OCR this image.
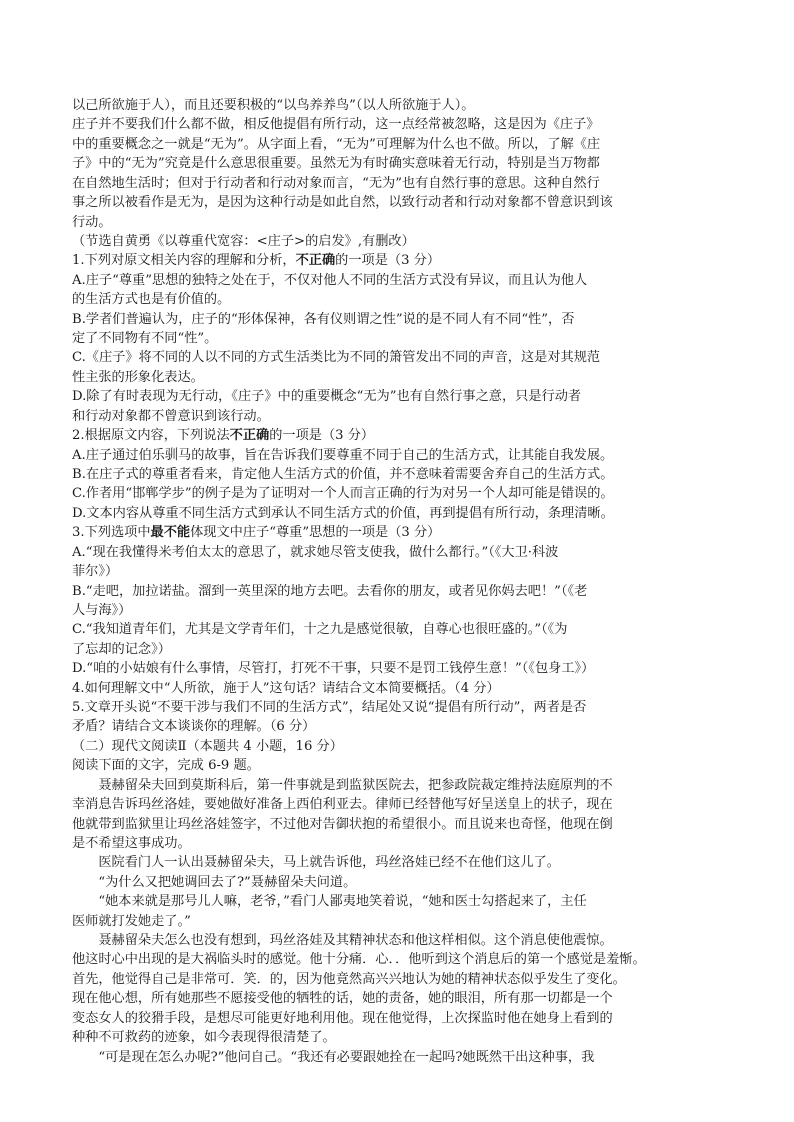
以己所欲施于人），而且还要积极的“以鸟养养鸟”（以人所欲施于人）。
庄子并不要我们什么都不做，相反他提倡有所行动，这一点经常被忽略，这是因为《庄子》
中的重要概念之一就是“无为”。从字面上看，“无为”可理解为什么也不做。所以，了解《庄
子》中的“无为”究竟是什么意思很重要。虽然无为有时确实意味着无行动，特别是当万物都
在自然地生活时；但对于行动者和行动对象而言，“无为”也有自然行事的意思。这种自然行
事之所以被看作是无为，是因为这种行动是如此自然，以致行动者和行动对象都不曾意识到该
行动。
（节选自黄勇《以尊重代宽容：<庄子>的启发》,有删改）
1.下列对原文相关内容的理解和分析，不正确的一项是（3 分）
A.庄子“尊重”思想的独特之处在于，不仅对他人不同的生活方式没有异议，而且认为他人
的生活方式也是有价值的。
B.学者们普遍认为，庄子的“形体保神，各有仪则谓之性”说的是不同人有不同“性”，否
定了不同物有不同“性”。
C.《庄子》将不同的人以不同的方式生活类比为不同的箫管发出不同的声音，这是对其规范
性主张的形象化表达。
D.除了有时表现为无行动，《庄子》中的重要概念“无为”也有自然行事之意，只是行动者
和行动对象都不曾意识到该行动。
2.根据原文内容，下列说法不正确的一项是（3 分）
A.庄子通过伯乐驯马的故事，旨在告诉我们要尊重不同于自己的生活方式，让其能自我发展。
B.在庄子式的尊重者看来，肯定他人生活方式的价值，并不意味着需要舍弃自己的生活方式。
C.作者用“邯郸学步”的例子是为了证明对一个人而言正确的行为对另一个人却可能是错误的。
D.文本内容从尊重不同生活方式到承认不同生活方式的价值，再到提倡有所行动，条理清晰。
3.下列选项中最不能体现文中庄子“尊重”思想的一项是（3 分）
A.“现在我懂得米考伯太太的意思了，就求她尽管支使我，做什么都行。”（《大卫·科波
菲尔》）
B.“走吧，加拉诺盐。溜到一英里深的地方去吧。去看你的朋友，或者见你妈去吧！”（《老
人与海》）
C.“我知道青年们，尤其是文学青年们，十之九是感觉很敏，自尊心也很旺盛的。”（《为
了忘却的记念》）
D.“咱的小姑娘有什么事情，尽管打，打死不干事，只要不是罚工钱停生意！”（《包身工》）
4.如何理解文中“人所欲，施于人”这句话？请结合文本简要概括。（4 分）
5.文章开头说“不要干涉与我们不同的生活方式”，结尾处又说“提倡有所行动”，两者是否
矛盾？请结合文本谈谈你的理解。（6 分）
（二）现代文阅读Ⅱ（本题共 4 小题，16 分）
阅读下面的文字，完成 6-9 题。
　　聂赫留朵夫回到莫斯科后，第一件事就是到监狱医院去，把参政院裁定维持法庭原判的不
幸消息告诉玛丝洛娃，要她做好准备上西伯利亚去。律师已经替他写好呈送皇上的状子，现在
他就带到监狱里让玛丝洛娃签字，不过他对告御状抱的希望很小。而且说来也奇怪，他现在倒
是不希望这事成功。
　　医院看门人一认出聂赫留朵夫，马上就告诉他，玛丝洛娃已经不在他们这儿了。
　　“为什么又把她调回去了?”聂赫留朵夫问道。
　　“她本来就是那号儿人嘛，老爷，”看门人鄙夷地笑着说，“她和医士勾搭起来了，主任
医师就打发她走了。”
　　聂赫留朵夫怎么也没有想到，玛丝洛娃及其精神状态和他这样相似。这个消息使他震惊。
他这时心中出现的是大祸临头时的感觉。他十分痛．心．．他听到这个消息后的第一个感觉是羞惭。
首先，他觉得自己是非常可．笑．的，因为他竟然高兴兴地认为她的精神状态似乎发生了变化。
现在他心想，所有她那些不愿接受他的牺牲的话，她的责备，她的眼泪，所有那一切都是一个
变态女人的狡猾手段，是想尽可能更好地利用他。现在他觉得，上次探监时他在她身上看到的
种种不可救药的迹象，如今表现得很清楚了。
　　“可是现在怎么办呢?”他问自己。“我还有必要跟她拴在一起吗?她既然干出这种事，我
